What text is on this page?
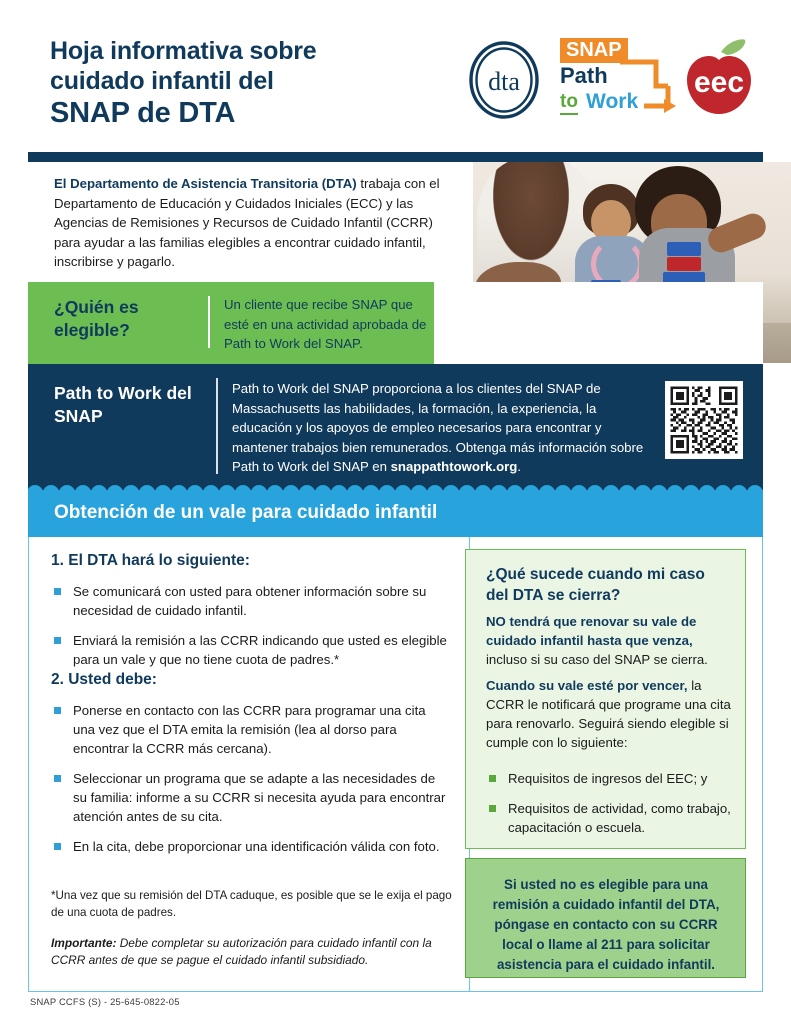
Hoja informativa sobre
cuidado infantil del
SNAP de DTA
dta
SNAP
Path
to Work
eec
El Departamento de Asistencia Transitoria (DTA) trabaja con el Departamento de Educación y Cuidados Iniciales (ECC) y las Agencias de Remisiones y Recursos de Cuidado Infantil (CCRR) para ayudar a las familias elegibles a encontrar cuidado infantil, inscribirse y pagarlo.
¿Quién es elegible?
Un cliente que recibe SNAP que esté en una actividad aprobada de Path to Work del SNAP.
Path to Work del SNAP
Path to Work del SNAP proporciona a los clientes del SNAP de Massachusetts las habilidades, la formación, la experiencia, la educación y los apoyos de empleo necesarios para encontrar y mantener trabajos bien remunerados. Obtenga más información sobre Path to Work del SNAP en snappathtowork.org.
Obtención de un vale para cuidado infantil
1. El DTA hará lo siguiente:
Se comunicará con usted para obtener información sobre su necesidad de cuidado infantil.
Enviará la remisión a las CCRR indicando que usted es elegible para un vale y que no tiene cuota de padres.*
2. Usted debe:
Ponerse en contacto con las CCRR para programar una cita una vez que el DTA emita la remisión (lea al dorso para encontrar la CCRR más cercana).
Seleccionar un programa que se adapte a las necesidades de su familia: informe a su CCRR si necesita ayuda para encontrar atención antes de su cita.
En la cita, debe proporcionar una identificación válida con foto.
*Una vez que su remisión del DTA caduque, es posible que se le exija el pago de una cuota de padres.
Importante: Debe completar su autorización para cuidado infantil con la CCRR antes de que se pague el cuidado infantil subsidiado.
¿Qué sucede cuando mi caso del DTA se cierra?
NO tendrá que renovar su vale de cuidado infantil hasta que venza, incluso si su caso del SNAP se cierra.
Cuando su vale esté por vencer, la CCRR le notificará que programe una cita para renovarlo. Seguirá siendo elegible si cumple con lo siguiente:
Requisitos de ingresos del EEC; y
Requisitos de actividad, como trabajo, capacitación o escuela.
Si usted no es elegible para una remisión a cuidado infantil del DTA, póngase en contacto con su CCRR local o llame al 211 para solicitar asistencia para el cuidado infantil.
SNAP CCFS (S) - 25-645-0822-05
